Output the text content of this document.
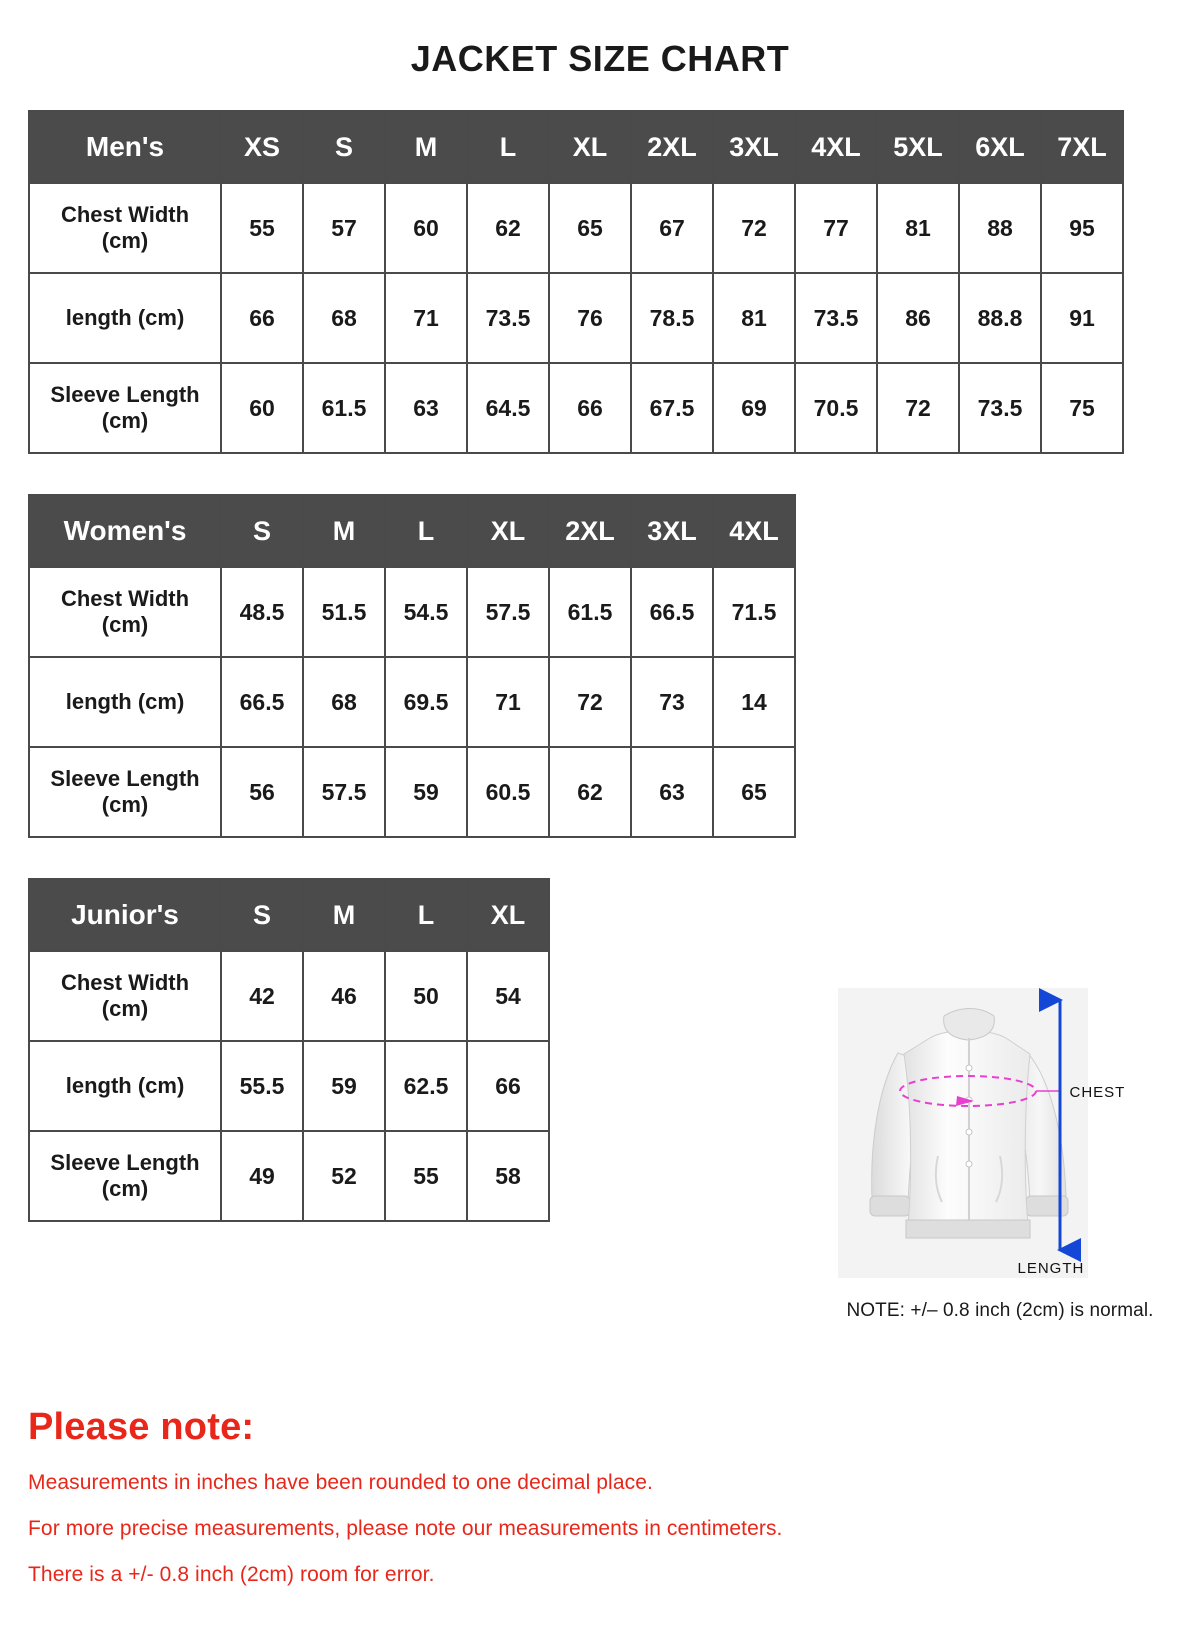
JACKET SIZE CHART
Men's	XS	S	M	L	XL	2XL	3XL	4XL	5XL	6XL	7XL
Chest Width (cm)	55	57	60	62	65	67	72	77	81	88	95
length (cm)	66	68	71	73.5	76	78.5	81	73.5	86	88.8	91
Sleeve Length (cm)	60	61.5	63	64.5	66	67.5	69	70.5	72	73.5	75
Women's	S	M	L	XL	2XL	3XL	4XL
Chest Width (cm)	48.5	51.5	54.5	57.5	61.5	66.5	71.5
length (cm)	66.5	68	69.5	71	72	73	14
Sleeve Length (cm)	56	57.5	59	60.5	62	63	65
Junior's	S	M	L	XL
Chest Width (cm)	42	46	50	54
length (cm)	55.5	59	62.5	66
Sleeve Length (cm)	49	52	55	58
CHEST
LENGTH
NOTE: +/– 0.8 inch (2cm) is normal.
Please note:

Measurements in inches have been rounded to one decimal place.

For more precise measurements, please note our measurements in centimeters.

There is a +/- 0.8 inch (2cm) room for error.
